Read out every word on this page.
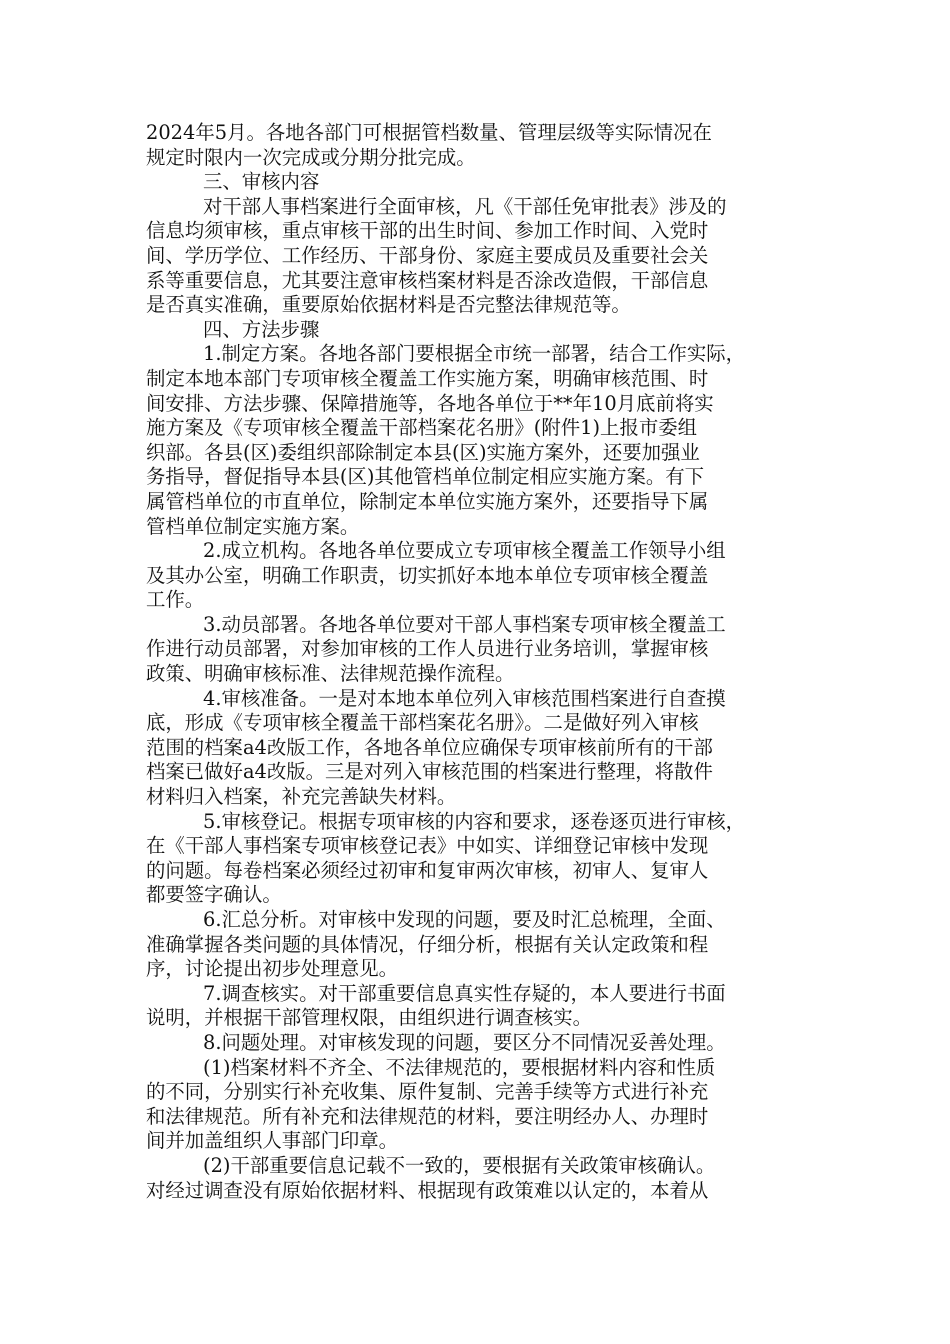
2024年5月。各地各部门可根据管档数量、管理层级等实际情况在
规定时限内一次完成或分期分批完成。
三、审核内容
对干部人事档案进行全面审核，凡《干部任免审批表》涉及的
信息均须审核，重点审核干部的出生时间、参加工作时间、入党时
间、学历学位、工作经历、干部身份、家庭主要成员及重要社会关
系等重要信息，尤其要注意审核档案材料是否涂改造假，干部信息
是否真实准确，重要原始依据材料是否完整法律规范等。
四、方法步骤
1.制定方案。各地各部门要根据全市统一部署，结合工作实际，
制定本地本部门专项审核全覆盖工作实施方案，明确审核范围、时
间安排、方法步骤、保障措施等，各地各单位于**年10月底前将实
施方案及《专项审核全覆盖干部档案花名册》(附件1)上报市委组
织部。各县(区)委组织部除制定本县(区)实施方案外，还要加强业
务指导，督促指导本县(区)其他管档单位制定相应实施方案。有下
属管档单位的市直单位，除制定本单位实施方案外，还要指导下属
管档单位制定实施方案。
2.成立机构。各地各单位要成立专项审核全覆盖工作领导小组
及其办公室，明确工作职责，切实抓好本地本单位专项审核全覆盖
工作。
3.动员部署。各地各单位要对干部人事档案专项审核全覆盖工
作进行动员部署，对参加审核的工作人员进行业务培训，掌握审核
政策、明确审核标准、法律规范操作流程。
4.审核准备。一是对本地本单位列入审核范围档案进行自查摸
底，形成《专项审核全覆盖干部档案花名册》。二是做好列入审核
范围的档案a4改版工作，各地各单位应确保专项审核前所有的干部
档案已做好a4改版。三是对列入审核范围的档案进行整理，将散件
材料归入档案，补充完善缺失材料。
5.审核登记。根据专项审核的内容和要求，逐卷逐页进行审核，
在《干部人事档案专项审核登记表》中如实、详细登记审核中发现
的问题。每卷档案必须经过初审和复审两次审核，初审人、复审人
都要签字确认。
6.汇总分析。对审核中发现的问题，要及时汇总梳理，全面、
准确掌握各类问题的具体情况，仔细分析，根据有关认定政策和程
序，讨论提出初步处理意见。
7.调查核实。对干部重要信息真实性存疑的，本人要进行书面
说明，并根据干部管理权限，由组织进行调查核实。
8.问题处理。对审核发现的问题，要区分不同情况妥善处理。
(1)档案材料不齐全、不法律规范的，要根据材料内容和性质
的不同，分别实行补充收集、原件复制、完善手续等方式进行补充
和法律规范。所有补充和法律规范的材料，要注明经办人、办理时
间并加盖组织人事部门印章。
(2)干部重要信息记载不一致的，要根据有关政策审核确认。
对经过调查没有原始依据材料、根据现有政策难以认定的，本着从
